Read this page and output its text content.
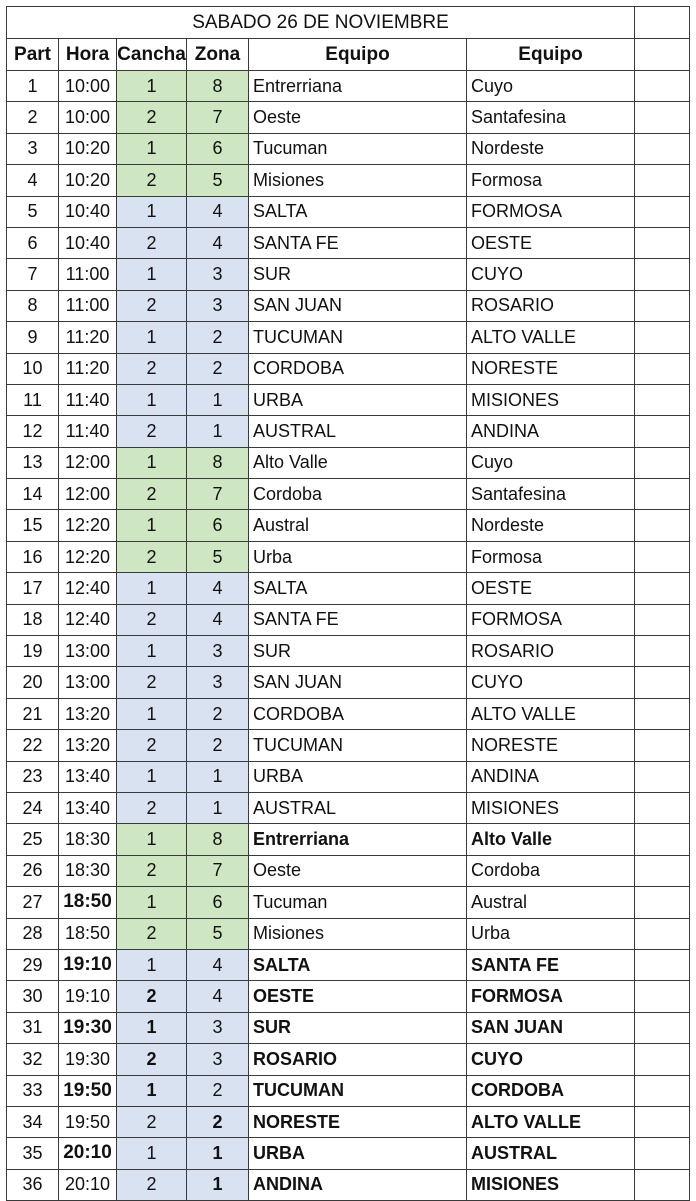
SABADO 26 DE NOVIEMBRE						
Part	Hora	Cancha	Zona	Equipo	Equipo	
1	10:00	1	8	Entrerriana	Cuyo	
2	10:00	2	7	Oeste	Santafesina	
3	10:20	1	6	Tucuman	Nordeste	
4	10:20	2	5	Misiones	Formosa	
5	10:40	1	4	SALTA	FORMOSA	
6	10:40	2	4	SANTA FE	OESTE	
7	11:00	1	3	SUR	CUYO	
8	11:00	2	3	SAN JUAN	ROSARIO	
9	11:20	1	2	TUCUMAN	ALTO VALLE	
10	11:20	2	2	CORDOBA	NORESTE	
11	11:40	1	1	URBA	MISIONES	
12	11:40	2	1	AUSTRAL	ANDINA	
13	12:00	1	8	Alto Valle	Cuyo	
14	12:00	2	7	Cordoba	Santafesina	
15	12:20	1	6	Austral	Nordeste	
16	12:20	2	5	Urba	Formosa	
17	12:40	1	4	SALTA	OESTE	
18	12:40	2	4	SANTA FE	FORMOSA	
19	13:00	1	3	SUR	ROSARIO	
20	13:00	2	3	SAN JUAN	CUYO	
21	13:20	1	2	CORDOBA	ALTO VALLE	
22	13:20	2	2	TUCUMAN	NORESTE	
23	13:40	1	1	URBA	ANDINA	
24	13:40	2	1	AUSTRAL	MISIONES	
25	18:30	1	8	Entrerriana	Alto Valle	
26	18:30	2	7	Oeste	Cordoba	
27	18:50	1	6	Tucuman	Austral	
28	18:50	2	5	Misiones	Urba	
29	19:10	1	4	SALTA	SANTA FE	
30	19:10	2	4	OESTE	FORMOSA	
31	19:30	1	3	SUR	SAN JUAN	
32	19:30	2	3	ROSARIO	CUYO	
33	19:50	1	2	TUCUMAN	CORDOBA	
34	19:50	2	2	NORESTE	ALTO VALLE	
35	20:10	1	1	URBA	AUSTRAL	
36	20:10	2	1	ANDINA	MISIONES	
